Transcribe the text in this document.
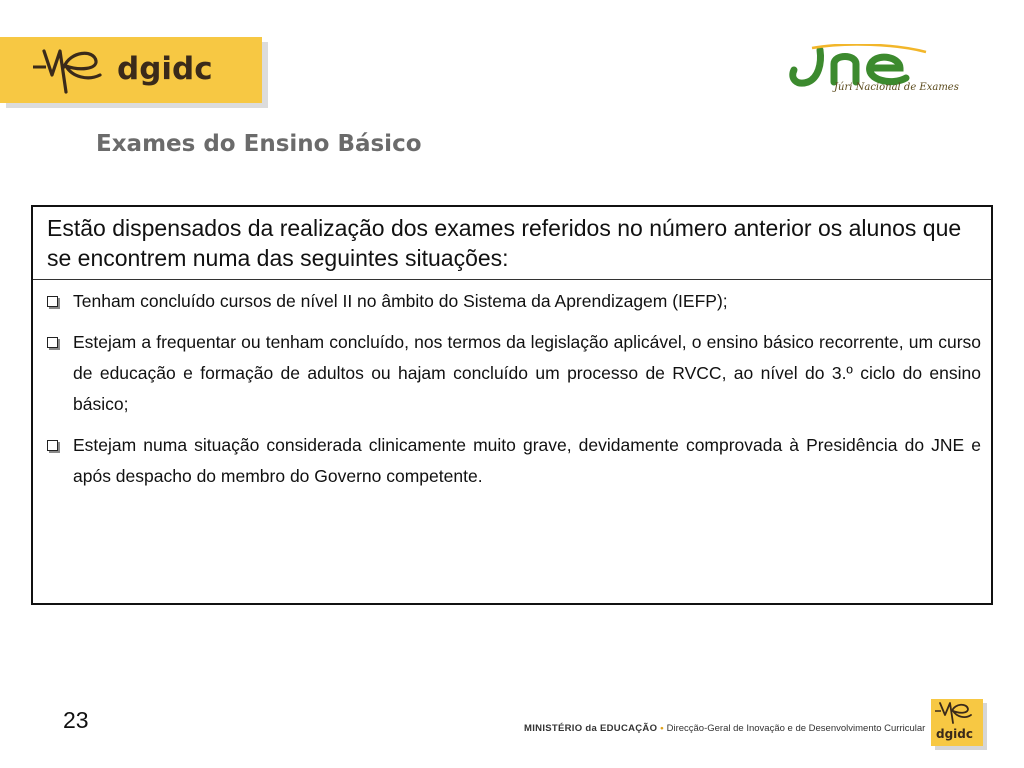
dgidc
Júri Nacional de Exames
Exames do Ensino Básico
Estão dispensados da realização dos exames referidos no número anterior os alunos que se encontrem numa das seguintes situações:
Tenham concluído cursos de nível II no âmbito do Sistema da Aprendizagem (IEFP);
Estejam a frequentar ou tenham concluído, nos termos da legislação aplicável, o ensino básico recorrente, um curso de educação e formação de adultos ou hajam concluído um processo de RVCC, ao nível do 3.º ciclo do ensino básico;
Estejam numa situação considerada clinicamente muito grave, devidamente comprovada à Presidência do JNE e após despacho do membro do Governo competente.
23	MINISTÉRIO da EDUCAÇÃO • Direcção-Geral de Inovação e de Desenvolvimento Curricular dgidc
